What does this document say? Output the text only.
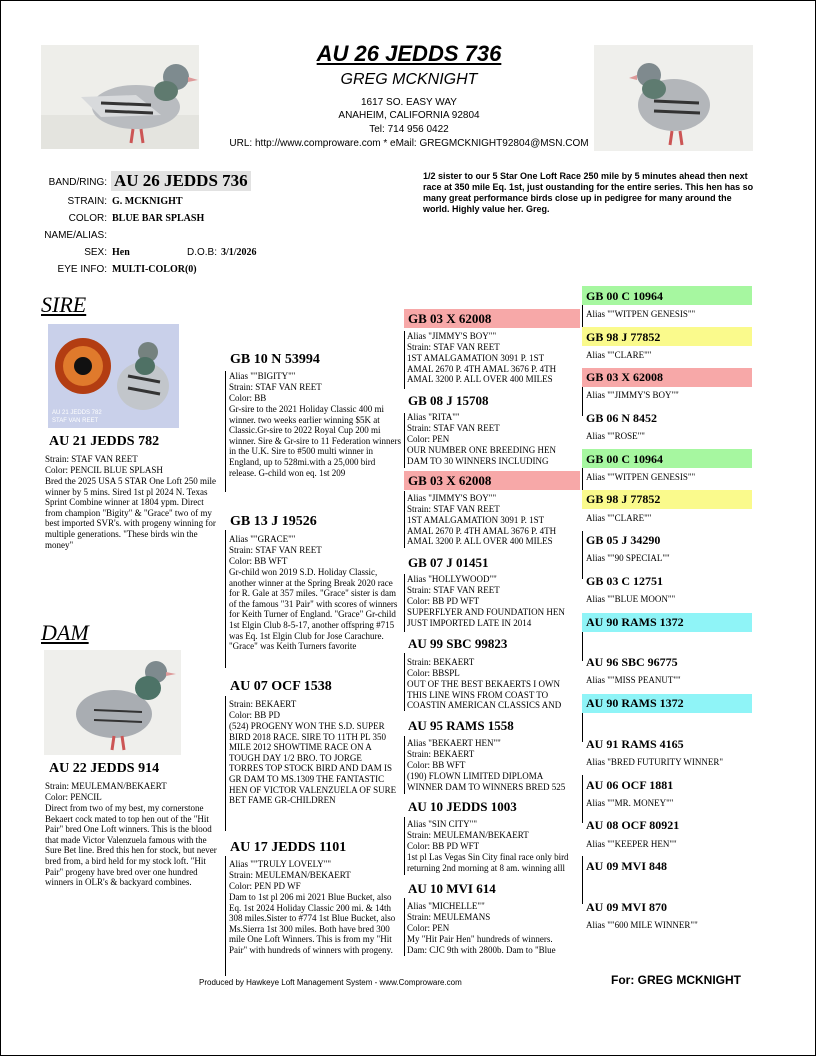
AU 26 JEDDS 736
GREG MCKNIGHT
1617 SO. EASY WAY
ANAHEIM, CALIFORNIA 92804
Tel: 714 956 0422
URL: http://www.comproware.com * eMail: GREGMCKNIGHT92804@MSN.COM
BAND/RING: AU 26 JEDDS 736
STRAIN: G. MCKNIGHT
COLOR: BLUE BAR SPLASH
NAME/ALIAS:
SEX: Hen	D.O.B: 3/1/2026
EYE INFO: MULTI-COLOR(0)
1/2 sister to our 5 Star One Loft Race 250 mile by 5 minutes ahead then next race at 350 mile Eq. 1st, just oustanding for the entire series. This hen has so many great performance birds close up in pedigree for many around the world. Highly value her. Greg.
SIRE
AU 21 JEDDS 782
STAF VAN REET
AU 21 JEDDS 782
Strain: STAF VAN REET
Color: PENCIL BLUE SPLASH
Bred the 2025 USA 5 STAR One Loft 250 mile winner by 5 mins. Sired 1st pl 2024 N. Texas Sprint Combine winner at 1804 ypm. Direct from champion "Bigity" & "Grace" two of my best imported SVR's. with progeny winning for multiple generations. "These birds win the money"
DAM
AU 22 JEDDS 914
Strain: MEULEMAN/BEKAERT
Color: PENCIL
Direct from two of my best, my cornerstone Bekaert cock mated to top hen out of the "Hit Pair" bred One Loft winners. This is the blood that made Victor Valenzuela famous with the Sure Bet line. Bred this hen for stock, but never bred from, a bird held for my stock loft. "Hit Pair" progeny have bred over one hundred winners in OLR's & backyard combines.
GB 10 N 53994
Alias ""BIGITY""
Strain: STAF VAN REET
Color: BB
Gr-sire to the 2021 Holiday Classic 400 mi winner. two weeks earlier winning $5K at Classic.Gr-sire to 2022 Royal Cup 200 mi winner. Sire & Gr-sire to 11 Federation winners in the U.K. Sire to #500 multi winner in England, up to 528mi.with a 25,000 bird release. G-child won eq. 1st 209
GB 13 J 19526
Alias ""GRACE""
Strain: STAF VAN REET
Color: BB WFT
Gr-child won 2019 S.D. Holiday Classic, another winner at the Spring Break 2020 race for R. Gale at 357 miles. "Grace" sister is dam of the famous "31 Pair" with scores of winners for Keith Turner of England. "Grace" Gr-child 1st Elgin Club 8-5-17, another offspring #715 was Eq. 1st Elgin Club for Jose Carachure. "Grace" was Keith Turners favorite
AU 07 OCF 1538
Strain: BEKAERT
Color: BB PD
(524) PROGENY WON THE S.D. SUPER BIRD 2018 RACE. SIRE TO 11TH PL 350 MILE 2012 SHOWTIME RACE ON A TOUGH DAY 1/2 BRO. TO JORGE TORRES TOP STOCK BIRD AND DAM IS GR DAM TO MS.1309 THE FANTASTIC HEN OF VICTOR VALENZUELA OF SURE BET FAME GR-CHILDREN
AU 17 JEDDS 1101
Alias ""TRULY LOVELY""
Strain: MEULEMAN/BEKAERT
Color: PEN PD WF
Dam to 1st pl 206 mi 2021 Blue Bucket, also Eq. 1st 2024 Holiday Classic 200 mi. & 14th 308 miles.Sister to #774 1st Blue Bucket, also Ms.Sierra 1st 300 miles. Both have bred 300 mile One Loft Winners. This is from my "Hit Pair" with hundreds of winners with progeny.
GB 03 X 62008
Alias "JIMMY'S BOY""
Strain: STAF VAN REET
1ST AMALGAMATION 3091 P. 1ST AMAL 2670 P. 4TH AMAL 3676 P. 4TH AMAL 3200 P. ALL OVER 400 MILES
GB 08 J 15708
Alias "RITA""
Strain: STAF VAN REET
Color: PEN
OUR NUMBER ONE BREEDING HEN DAM TO 30 WINNERS INCLUDING
GB 03 X 62008
Alias "JIMMY'S BOY""
Strain: STAF VAN REET
1ST AMALGAMATION 3091 P. 1ST AMAL 2670 P. 4TH AMAL 3676 P. 4TH AMAL 3200 P. ALL OVER 400 MILES
GB 07 J 01451
Alias "HOLLYWOOD""
Strain: STAF VAN REET
Color: BB PD WFT
SUPERFLYER AND FOUNDATION HEN JUST IMPORTED LATE IN 2014
AU 99 SBC 99823
Strain: BEKAERT
Color: BBSPL
OUT OF THE BEST BEKAERTS I OWN THIS LINE WINS FROM COAST TO COASTIN AMERICAN CLASSICS AND
AU 95 RAMS 1558
Alias "BEKAERT HEN""
Strain: BEKAERT
Color: BB WFT
(190) FLOWN LIMITED DIPLOMA WINNER DAM TO WINNERS BRED 525
AU 10 JEDDS 1003
Alias "SIN CITY""
Strain: MEULEMAN/BEKAERT
Color: BB PD WFT
1st pl Las Vegas Sin City final race only bird returning 2nd morning at 8 am. winning alll
AU 10 MVI 614
Alias "MICHELLE""
Strain: MEULEMANS
Color: PEN
My "Hit Pair Hen" hundreds of winners. Dam: CJC 9th with 2800b. Dam to "Blue
GB 00 C 10964
Alias ""WITPEN GENESIS""
GB 98 J 77852
Alias ""CLARE""
GB 03 X 62008
Alias ""JIMMY'S BOY""
GB 06 N 8452
Alias ""ROSE""
GB 00 C 10964
Alias ""WITPEN GENESIS""
GB 98 J 77852
Alias ""CLARE""
GB 05 J 34290
Alias ""90 SPECIAL""
GB 03 C 12751
Alias ""BLUE MOON""
AU 90 RAMS 1372
AU 96 SBC 96775
Alias ""MISS PEANUT""
AU 90 RAMS 1372
AU 91 RAMS 4165
Alias "BRED FUTURITY WINNER"
AU 06 OCF 1881
Alias ""MR. MONEY""
AU 08 OCF 80921
Alias ""KEEPER HEN""
AU 09 MVI 848
AU 09 MVI 870
Alias ""600 MILE WINNER""
Produced by Hawkeye Loft Management System - www.Comproware.com	For: GREG MCKNIGHT
